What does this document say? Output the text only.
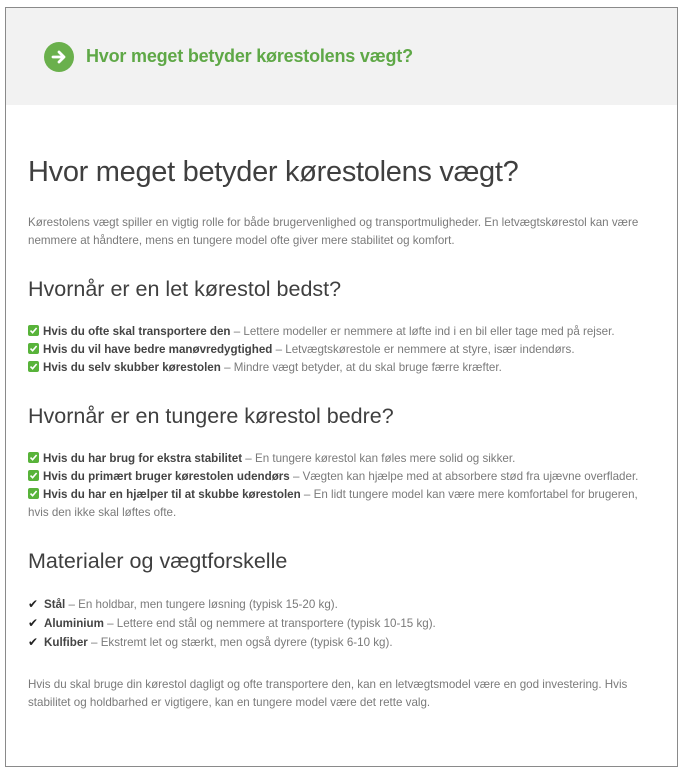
Hvor meget betyder kørestolens vægt?
Hvor meget betyder kørestolens vægt?

Kørestolens vægt spiller en vigtig rolle for både brugervenlighed og transportmuligheder. En letvægtskørestol kan være nemmere at håndtere, mens en tungere model ofte giver mere stabilitet og komfort.

Hvornår er en let kørestol bedst?
Hvis du ofte skal transportere den – Lettere modeller er nemmere at løfte ind i en bil eller tage med på rejser.
Hvis du vil have bedre manøvredygtighed – Letvægtskørestole er nemmere at styre, især indendørs.
Hvis du selv skubber kørestolen – Mindre vægt betyder, at du skal bruge færre kræfter.
Hvornår er en tungere kørestol bedre?
Hvis du har brug for ekstra stabilitet – En tungere kørestol kan føles mere solid og sikker.
Hvis du primært bruger kørestolen udendørs – Vægten kan hjælpe med at absorbere stød fra ujævne overflader.
Hvis du har en hjælper til at skubbe kørestolen – En lidt tungere model kan være mere komfortabel for brugeren, hvis den ikke skal løftes ofte.
Materialer og vægtforskelle
✔ Stål – En holdbar, men tungere løsning (typisk 15-20 kg).
✔ Aluminium – Lettere end stål og nemmere at transportere (typisk 10-15 kg).
✔ Kulfiber – Ekstremt let og stærkt, men også dyrere (typisk 6-10 kg).

Hvis du skal bruge din kørestol dagligt og ofte transportere den, kan en letvægtsmodel være en god investering. Hvis stabilitet og holdbarhed er vigtigere, kan en tungere model være det rette valg.
